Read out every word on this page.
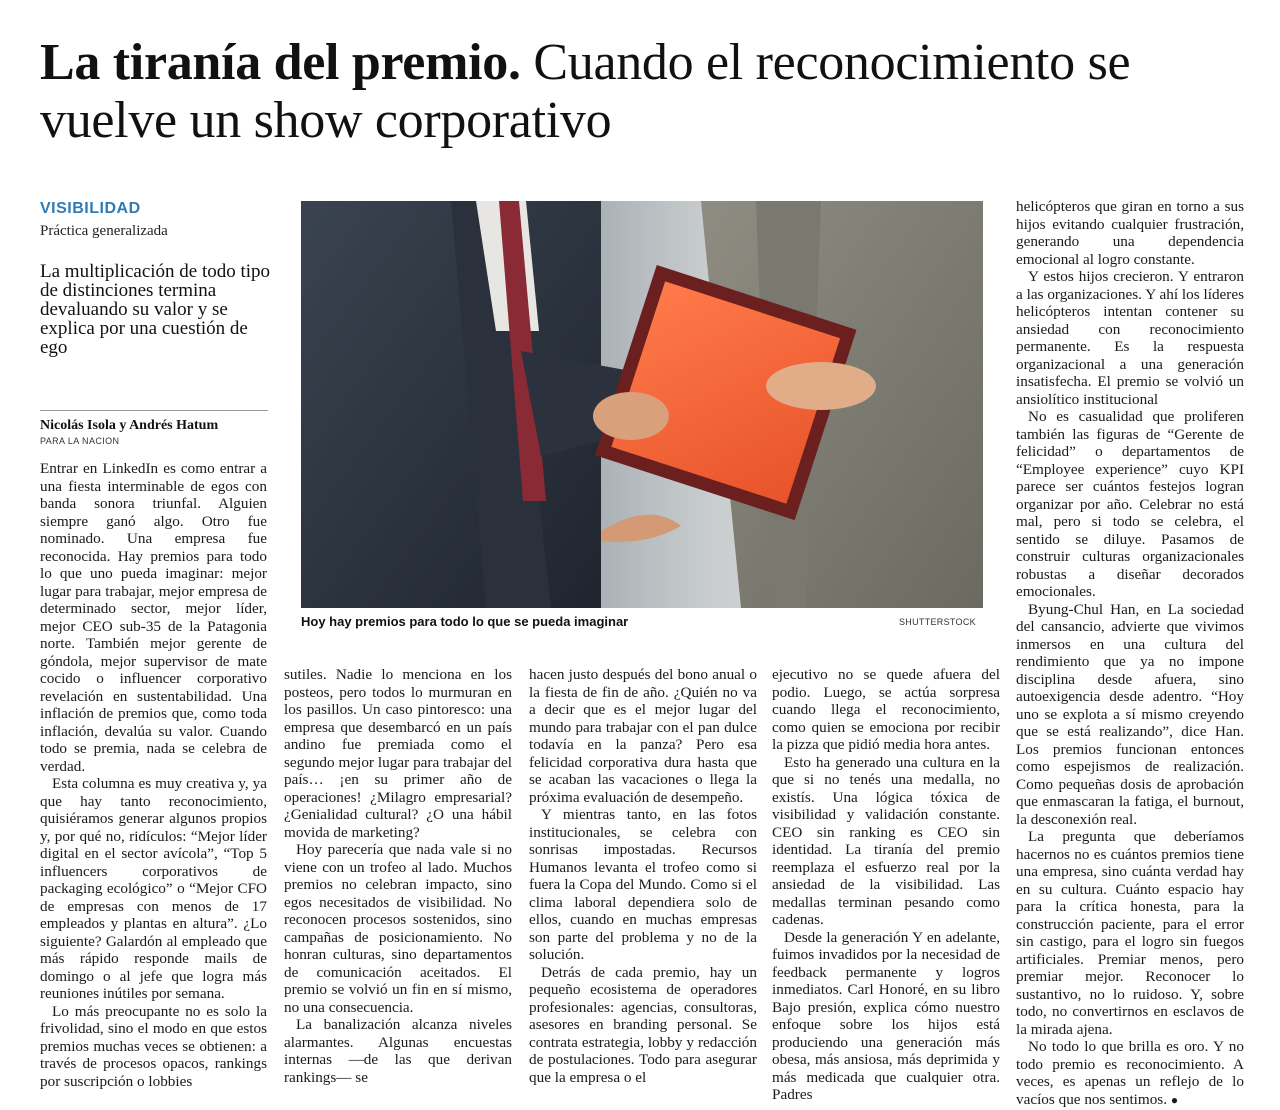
La tiranía del premio. Cuando el reconocimiento se vuelve un show corporativo
VISIBILIDAD
Práctica generalizada

La multiplicación de todo tipo de distinciones termina devaluando su valor y se explica por una cuestión de ego

Nicolás Isola y Andrés Hatum
PARA LA NACION
Hoy hay premios para todo lo que se pueda imaginar	SHUTTERSTOCK

Entrar en LinkedIn es como entrar a una fiesta interminable de egos con banda sonora triunfal. Alguien siempre ganó algo. Otro fue nominado. Una empresa fue reconocida. Hay premios para todo lo que uno pueda imaginar: mejor lugar para trabajar, mejor empresa de determinado sector, mejor líder, mejor CEO sub-35 de la Patagonia norte. También mejor gerente de góndola, mejor supervisor de mate cocido o influencer corporativo revelación en sustentabilidad. Una inflación de premios que, como toda inflación, devalúa su valor. Cuando todo se premia, nada se celebra de verdad.

Esta columna es muy creativa y, ya que hay tanto reconocimiento, quisiéramos generar algunos propios y, por qué no, ridículos: “Mejor líder digital en el sector avícola”, “Top 5 influencers corporativos de packaging ecológico” o “Mejor CFO de empresas con menos de 17 empleados y plantas en altura”. ¿Lo siguiente? Galardón al empleado que más rápido responde mails de domingo o al jefe que logra más reuniones inútiles por semana.

Lo más preocupante no es solo la frivolidad, sino el modo en que estos premios muchas veces se obtienen: a través de procesos opacos, rankings por suscripción o lobbies

sutiles. Nadie lo menciona en los posteos, pero todos lo murmuran en los pasillos. Un caso pintoresco: una empresa que desembarcó en un país andino fue premiada como el segundo mejor lugar para trabajar del país… ¡en su primer año de operaciones! ¿Milagro empresarial? ¿Genialidad cultural? ¿O una hábil movida de marketing?

Hoy parecería que nada vale si no viene con un trofeo al lado. Muchos premios no celebran impacto, sino egos necesitados de visibilidad. No reconocen procesos sostenidos, sino campañas de posicionamiento. No honran culturas, sino departamentos de comunicación aceitados. El premio se volvió un fin en sí mismo, no una consecuencia.

La banalización alcanza niveles alarmantes. Algunas encuestas internas —de las que derivan rankings— se

hacen justo después del bono anual o la fiesta de fin de año. ¿Quién no va a decir que es el mejor lugar del mundo para trabajar con el pan dulce todavía en la panza? Pero esa felicidad corporativa dura hasta que se acaban las vacaciones o llega la próxima evaluación de desempeño.

Y mientras tanto, en las fotos institucionales, se celebra con sonrisas impostadas. Recursos Humanos levanta el trofeo como si fuera la Copa del Mundo. Como si el clima laboral dependiera solo de ellos, cuando en muchas empresas son parte del problema y no de la solución.

Detrás de cada premio, hay un pequeño ecosistema de operadores profesionales: agencias, consultoras, asesores en branding personal. Se contrata estrategia, lobby y redacción de postulaciones. Todo para asegurar que la empresa o el

ejecutivo no se quede afuera del podio. Luego, se actúa sorpresa cuando llega el reconocimiento, como quien se emociona por recibir la pizza que pidió media hora antes.

Esto ha generado una cultura en la que si no tenés una medalla, no existís. Una lógica tóxica de visibilidad y validación constante. CEO sin ranking es CEO sin identidad. La tiranía del premio reemplaza el esfuerzo real por la ansiedad de la visibilidad. Las medallas terminan pesando como cadenas.

Desde la generación Y en adelante, fuimos invadidos por la necesidad de feedback permanente y logros inmediatos. Carl Honoré, en su libro Bajo presión, explica cómo nuestro enfoque sobre los hijos está produciendo una generación más obesa, más ansiosa, más deprimida y más medicada que cualquier otra. Padres

helicópteros que giran en torno a sus hijos evitando cualquier frustración, generando una dependencia emocional al logro constante.

Y estos hijos crecieron. Y entraron a las organizaciones. Y ahí los líderes helicópteros intentan contener su ansiedad con reconocimiento permanente. Es la respuesta organizacional a una generación insatisfecha. El premio se volvió un ansiolítico institucional

No es casualidad que proliferen también las figuras de “Gerente de felicidad” o departamentos de “Employee experience” cuyo KPI parece ser cuántos festejos logran organizar por año. Celebrar no está mal, pero si todo se celebra, el sentido se diluye. Pasamos de construir culturas organizacionales robustas a diseñar decorados emocionales.

Byung-Chul Han, en La sociedad del cansancio, advierte que vivimos inmersos en una cultura del rendimiento que ya no impone disciplina desde afuera, sino autoexigencia desde adentro. “Hoy uno se explota a sí mismo creyendo que se está realizando”, dice Han. Los premios funcionan entonces como espejismos de realización. Como pequeñas dosis de aprobación que enmascaran la fatiga, el burnout, la desconexión real.

La pregunta que deberíamos hacernos no es cuántos premios tiene una empresa, sino cuánta verdad hay en su cultura. Cuánto espacio hay para la crítica honesta, para la construcción paciente, para el error sin castigo, para el logro sin fuegos artificiales. Premiar menos, pero premiar mejor. Reconocer lo sustantivo, no lo ruidoso. Y, sobre todo, no convertirnos en esclavos de la mirada ajena.

No todo lo que brilla es oro. Y no todo premio es reconocimiento. A veces, es apenas un reflejo de lo vacíos que nos sentimos. ●
